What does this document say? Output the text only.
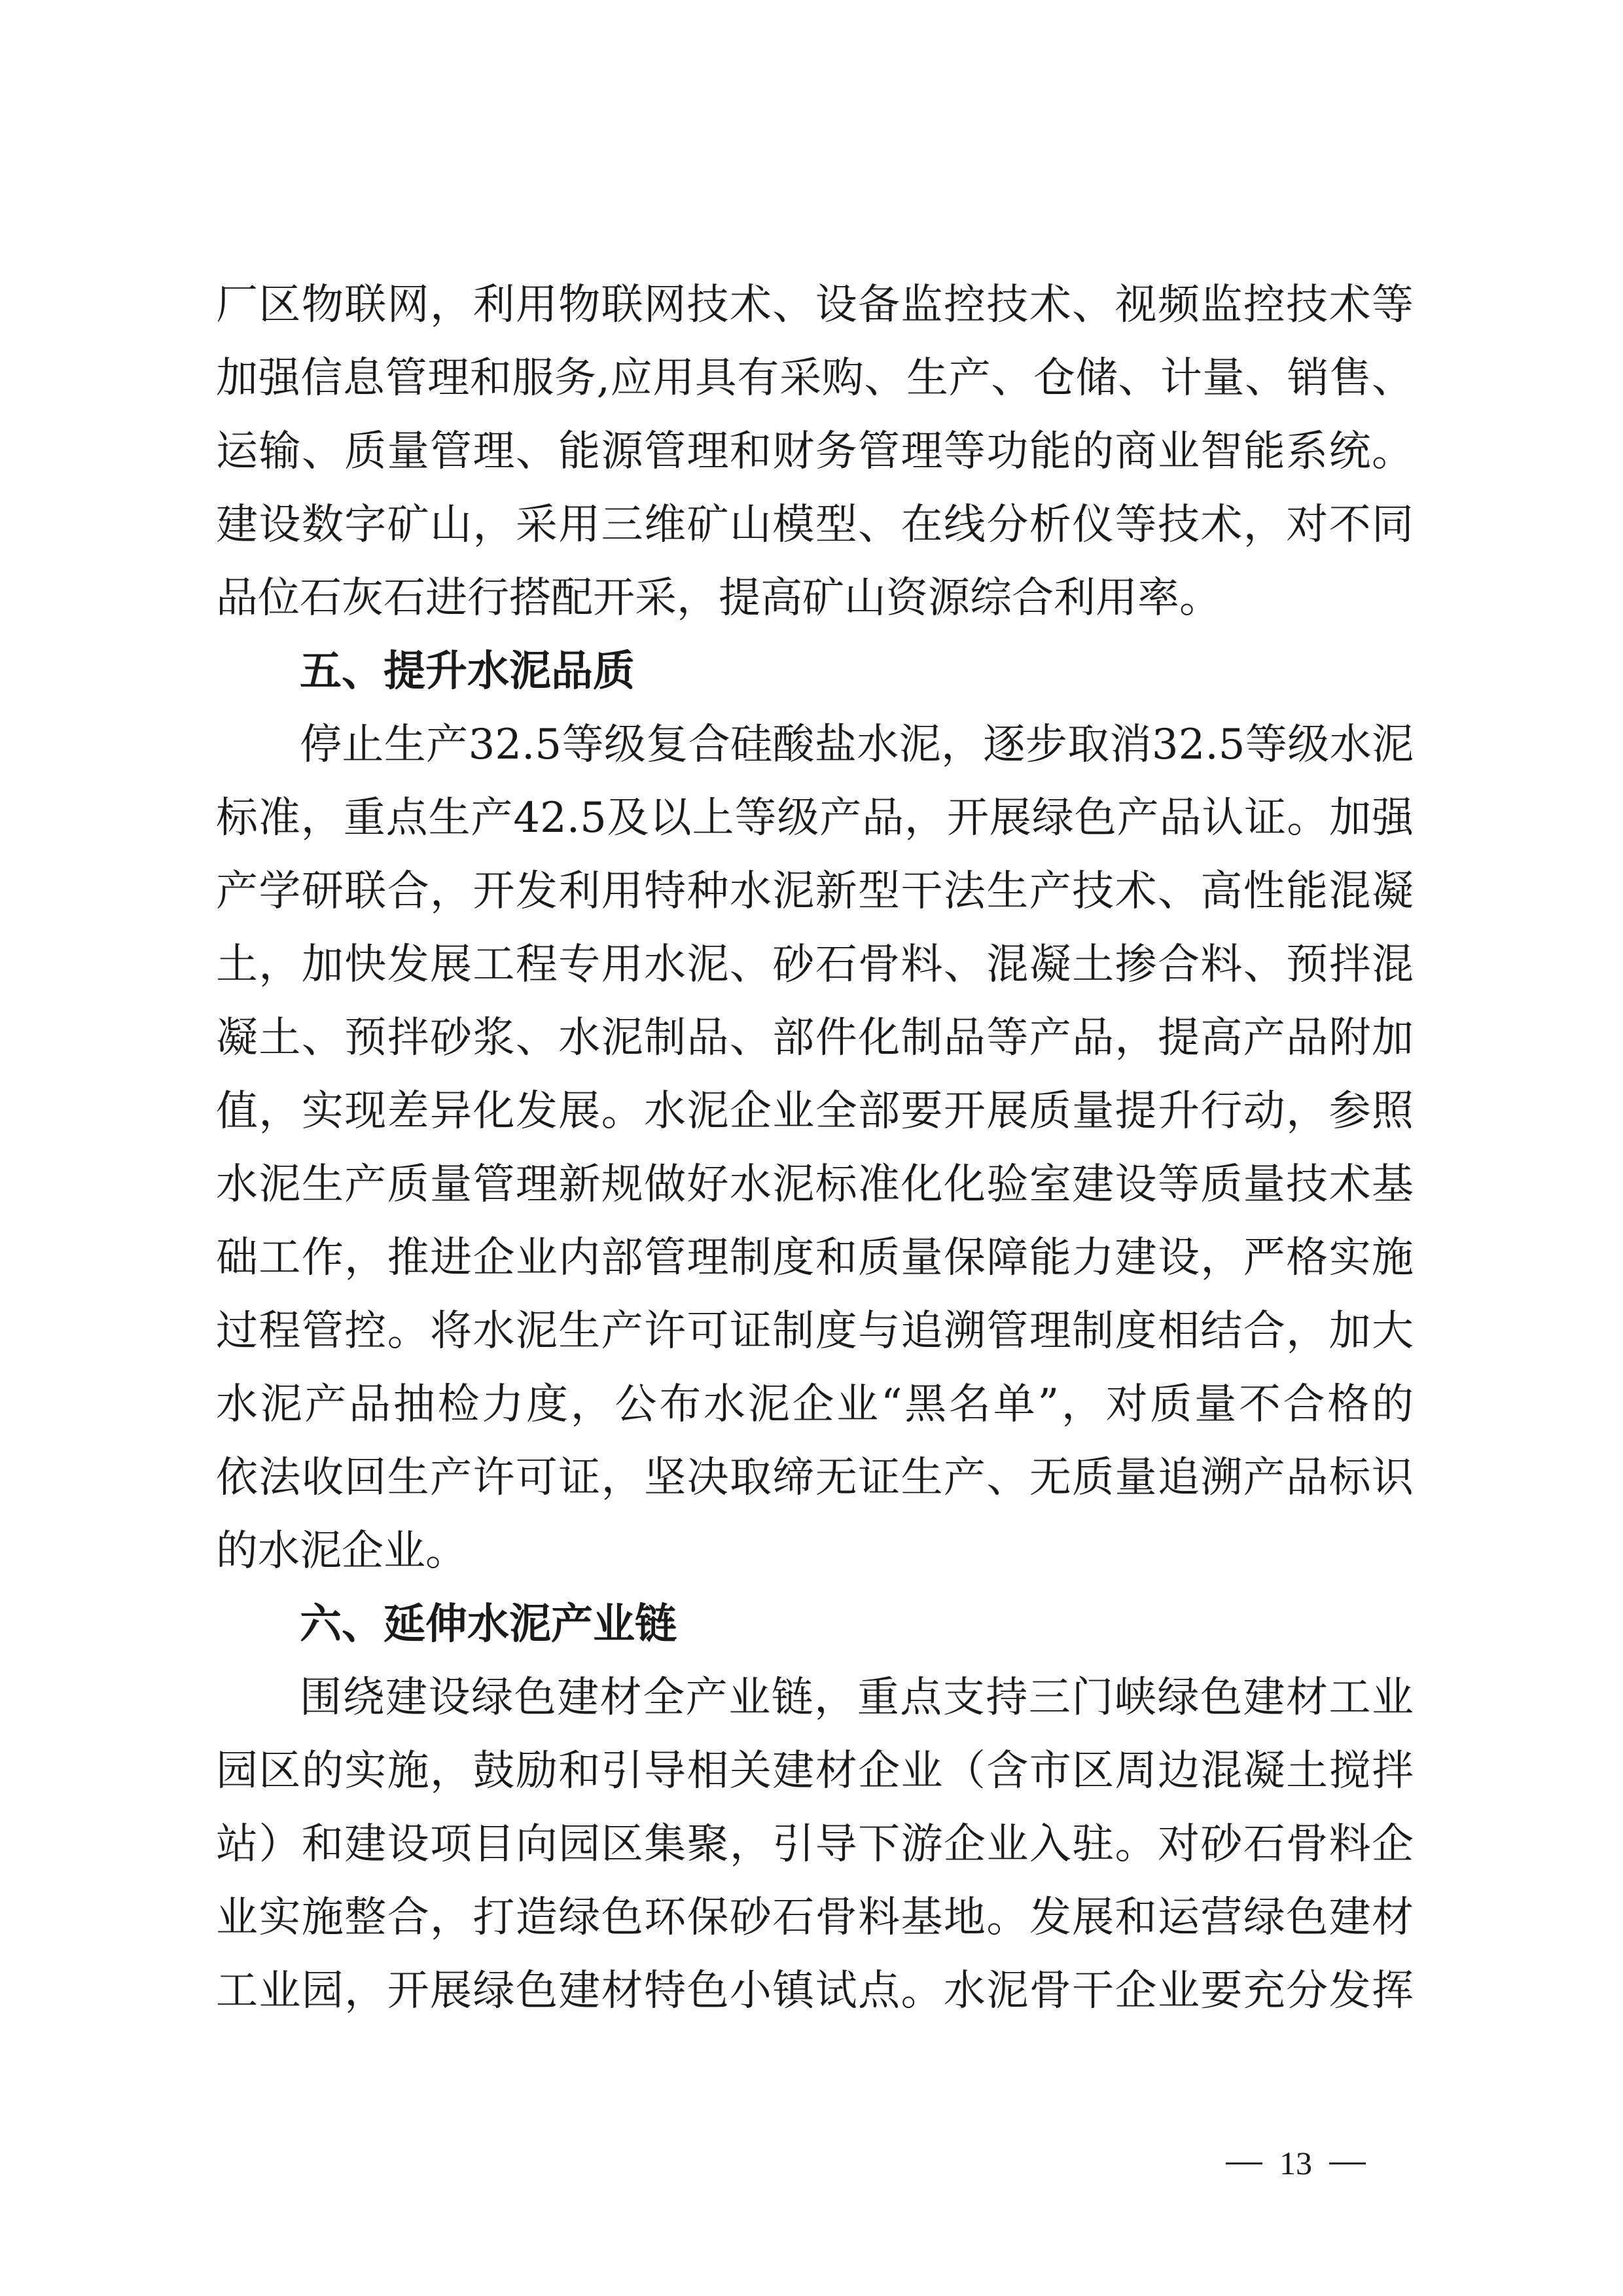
厂区物联网，利用物联网技术、设备监控技术、视频监控技术等
加强信息管理和服务,应用具有采购、生产、仓储、计量、销售、
运输、质量管理、能源管理和财务管理等功能的商业智能系统。
建设数字矿山，采用三维矿山模型、在线分析仪等技术，对不同
品位石灰石进行搭配开采，提高矿山资源综合利用率。
五、提升水泥品质
停止生产32.5等级复合硅酸盐水泥，逐步取消32.5等级水泥
标准，重点生产42.5及以上等级产品，开展绿色产品认证。加强
产学研联合，开发利用特种水泥新型干法生产技术、高性能混凝
土，加快发展工程专用水泥、砂石骨料、混凝土掺合料、预拌混
凝土、预拌砂浆、水泥制品、部件化制品等产品，提高产品附加
值，实现差异化发展。水泥企业全部要开展质量提升行动，参照
水泥生产质量管理新规做好水泥标准化化验室建设等质量技术基
础工作，推进企业内部管理制度和质量保障能力建设，严格实施
过程管控。将水泥生产许可证制度与追溯管理制度相结合，加大
水泥产品抽检力度，公布水泥企业“黑名单”，对质量不合格的
依法收回生产许可证，坚决取缔无证生产、无质量追溯产品标识
的水泥企业。
六、延伸水泥产业链
围绕建设绿色建材全产业链，重点支持三门峡绿色建材工业
园区的实施，鼓励和引导相关建材企业（含市区周边混凝土搅拌
站）和建设项目向园区集聚，引导下游企业入驻。对砂石骨料企
业实施整合，打造绿色环保砂石骨料基地。发展和运营绿色建材
工业园，开展绿色建材特色小镇试点。水泥骨干企业要充分发挥
13
